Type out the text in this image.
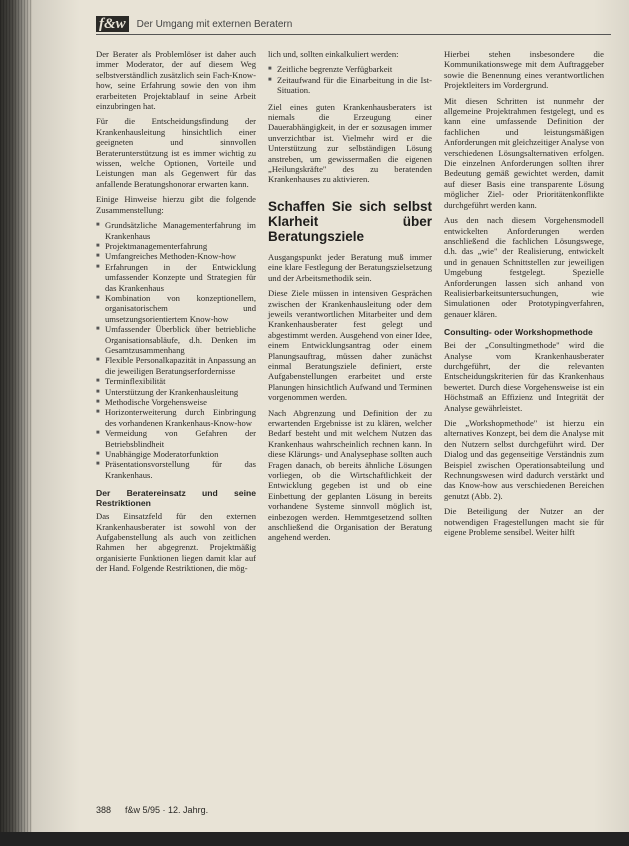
f&w	Der Umgang mit externen Beratern

Der Berater als Problemlöser ist daher auch immer Moderator, der auf diesem Weg selbstverständlich zusätzlich sein Fach-Know-how, seine Erfahrung sowie den von ihm erarbeiteten Projektablauf in seine Arbeit einzubringen hat.

Für die Entscheidungsfindung der Krankenhausleitung hinsichtlich einer geeigneten und sinnvollen Beraterunterstützung ist es immer wichtig zu wissen, welche Optionen, Vorteile und Leistungen man als Gegenwert für das anfallende Beratungshonorar erwarten kann.

Einige Hinweise hierzu gibt die folgende Zusammenstellung:

■ Grundsätzliche Managementerfahrung im Krankenhaus
■ Projektmanagementerfahrung
■ Umfangreiches Methoden-Know-how
■ Erfahrungen in der Entwicklung umfassender Konzepte und Strategien für das Krankenhaus
■ Kombination von konzeptionellem, organisatorischem und umsetzungsorientiertem Know-how
■ Umfassender Überblick über betriebliche Organisationsabläufe, d.h. Denken im Gesamtzusammenhang
■ Flexible Personalkapazität in Anpassung an die jeweiligen Beratungserfordernisse
■ Terminflexibilität
■ Unterstützung der Krankenhausleitung
■ Methodische Vorgehensweise
■ Horizonterweiterung durch Einbringung des vorhandenen Krankenhaus-Know-how
■ Vermeidung von Gefahren der Betriebsblindheit
■ Unabhängige Moderatorfunktion
■ Präsentationsvorstellung für das Krankenhaus.
Der Beratereinsatz und seine Restriktionen

Das Einsatzfeld für den externen Krankenhausberater ist sowohl von der Aufgabenstellung als auch von zeitlichen Rahmen her abgegrenzt. Projektmäßig organisierte Funktionen liegen damit klar auf der Hand. Folgende Restriktionen, die mög-

lich und, sollten einkalkuliert werden:

■ Zeitliche begrenzte Verfügbarkeit
■ Zeitaufwand für die Einarbeitung in die Ist-Situation.

Ziel eines guten Krankenhausberaters ist niemals die Erzeugung einer Dauerabhängigkeit, in der er sozusagen immer unverzichtbar ist. Vielmehr wird er die Unterstützung zur selbständigen Lösung anstreben, um gewissermaßen die eigenen „Heilungskräfte" des zu beratenden Krankenhauses zu aktivieren.

Schaffen Sie sich selbst Klarheit über Beratungsziele

Ausgangspunkt jeder Beratung muß immer eine klare Festlegung der Beratungszielsetzung und der Arbeitsmethodik sein.

Diese Ziele müssen in intensiven Gesprächen zwischen der Krankenhausleitung oder dem jeweils verantwortlichen Mitarbeiter und dem Krankenhausberater fest gelegt und abgestimmt werden. Ausgehend von einer Idee, einem Entwicklungsantrag oder einem Planungsauftrag, müssen daher zunächst einmal Beratungsziele definiert, erste Aufgabenstellungen erarbeitet und erste Planungen hinsichtlich Aufwand und Terminen vorgenommen werden.

Nach Abgrenzung und Definition der zu erwartenden Ergebnisse ist zu klären, welcher Bedarf besteht und mit welchem Nutzen das Krankenhaus wahrscheinlich rechnen kann. In diese Klärungs- und Analysephase sollten auch Fragen danach, ob bereits ähnliche Lösungen vorliegen, ob die Wirtschaftlichkeit der Entwicklung gegeben ist und ob eine Einbettung der geplanten Lösung in bereits vorhandene Systeme sinnvoll möglich ist, einbezogen werden. Hemmtgesetzend sollten anschließend die Organisation der Beratung angehend werden.

Hierbei stehen insbesondere die Kommunikationswege mit dem Auftraggeber sowie die Benennung eines verantwortlichen Projektleiters im Vordergrund.

Mit diesen Schritten ist nunmehr der allgemeine Projektrahmen festgelegt, und es kann eine umfassende Definition der fachlichen und leistungsmäßigen Anforderungen mit gleichzeitiger Analyse von verschiedenen Lösungsalternativen erfolgen. Die einzelnen Anforderungen sollten ihrer Bedeutung gemäß gewichtet werden, damit auf dieser Basis eine transparente Lösung möglicher Ziel- oder Prioritätenkonflikte durchgeführt werden kann.

Aus den nach diesem Vorgehensmodell entwickelten Anforderungen werden anschließend die fachlichen Lösungswege, d.h. das „wie" der Realisierung, entwickelt und in genauen Schnittstellen zur jeweiligen Umgebung festgelegt. Spezielle Anforderungen lassen sich anhand von Realisierbarkeitsuntersuchungen, wie Simulationen oder Prototypingverfahren, genauer klären.

Consulting- oder Workshopmethode

Bei der „Consultingmethode" wird die Analyse vom Krankenhausberater durchgeführt, der die relevanten Entscheidungskriterien für das Krankenhaus bewertet. Durch diese Vorgehensweise ist ein Höchstmaß an Effizienz und Integrität der Analyse gewährleistet.

Die „Workshopmethode" ist hierzu ein alternatives Konzept, bei dem die Analyse mit den Nutzern selbst durchgeführt wird. Der Dialog und das gegenseitige Verständnis zum Beispiel zwischen Operationsabteilung und Rechnungswesen wird dadurch verstärkt und das Know-how aus verschiedenen Bereichen genutzt (Abb. 2).

Die Beteiligung der Nutzer an der notwendigen Fragestellungen macht sie für eigene Probleme sensibel. Weiter hilft

388 f&w 5/95 · 12. Jahrg.
